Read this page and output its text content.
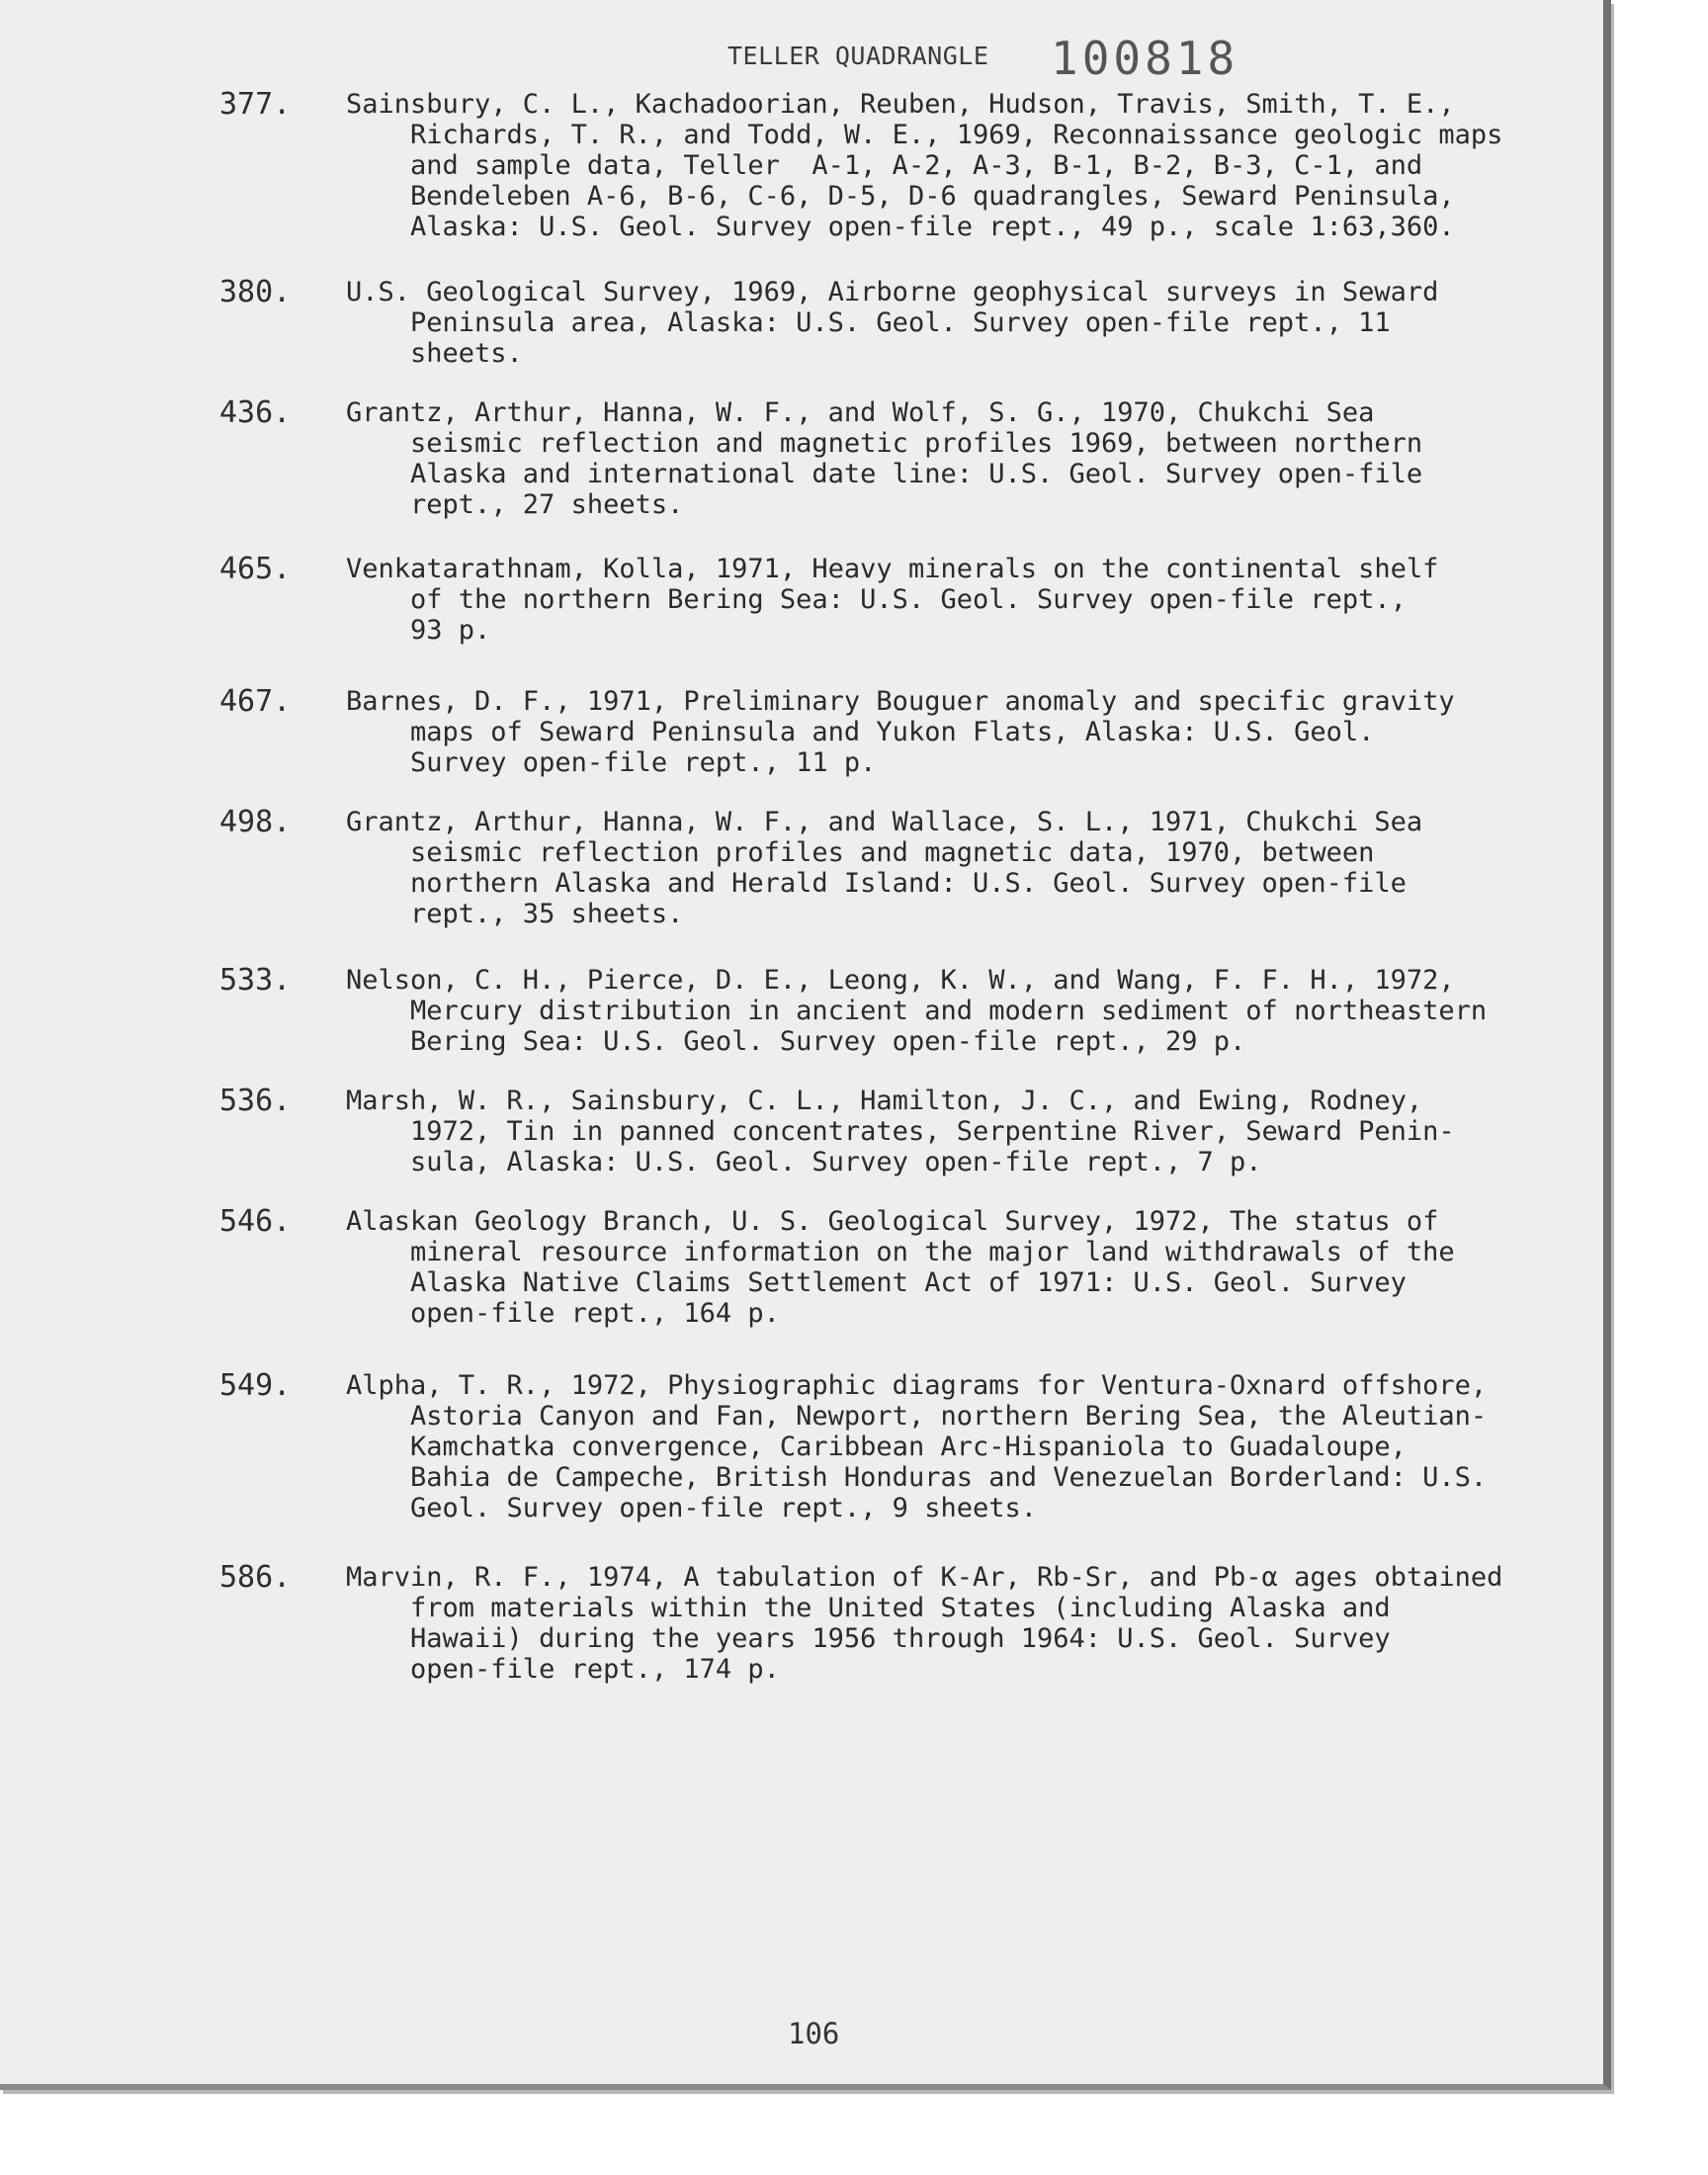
TELLER QUADRANGLE 100818
377. Sainsbury, C. L., Kachadoorian, Reuben, Hudson, Travis, Smith, T. E.,
Richards, T. R., and Todd, W. E., 1969, Reconnaissance geologic maps
and sample data, Teller  A-1, A-2, A-3, B-1, B-2, B-3, C-1, and
Bendeleben A-6, B-6, C-6, D-5, D-6 quadrangles, Seward Peninsula,
Alaska: U.S. Geol. Survey open-file rept., 49 p., scale 1:63,360.
380. U.S. Geological Survey, 1969, Airborne geophysical surveys in Seward
Peninsula area, Alaska: U.S. Geol. Survey open-file rept., 11
sheets.
436. Grantz, Arthur, Hanna, W. F., and Wolf, S. G., 1970, Chukchi Sea
seismic reflection and magnetic profiles 1969, between northern
Alaska and international date line: U.S. Geol. Survey open-file
rept., 27 sheets.
465. Venkatarathnam, Kolla, 1971, Heavy minerals on the continental shelf
of the northern Bering Sea: U.S. Geol. Survey open-file rept.,
93 p.
467. Barnes, D. F., 1971, Preliminary Bouguer anomaly and specific gravity
maps of Seward Peninsula and Yukon Flats, Alaska: U.S. Geol.
Survey open-file rept., 11 p.
498. Grantz, Arthur, Hanna, W. F., and Wallace, S. L., 1971, Chukchi Sea
seismic reflection profiles and magnetic data, 1970, between
northern Alaska and Herald Island: U.S. Geol. Survey open-file
rept., 35 sheets.
533. Nelson, C. H., Pierce, D. E., Leong, K. W., and Wang, F. F. H., 1972,
Mercury distribution in ancient and modern sediment of northeastern
Bering Sea: U.S. Geol. Survey open-file rept., 29 p.
536. Marsh, W. R., Sainsbury, C. L., Hamilton, J. C., and Ewing, Rodney,
1972, Tin in panned concentrates, Serpentine River, Seward Penin-
sula, Alaska: U.S. Geol. Survey open-file rept., 7 p.
546. Alaskan Geology Branch, U. S. Geological Survey, 1972, The status of
mineral resource information on the major land withdrawals of the
Alaska Native Claims Settlement Act of 1971: U.S. Geol. Survey
open-file rept., 164 p.
549. Alpha, T. R., 1972, Physiographic diagrams for Ventura-Oxnard offshore,
Astoria Canyon and Fan, Newport, northern Bering Sea, the Aleutian-
Kamchatka convergence, Caribbean Arc-Hispaniola to Guadaloupe,
Bahia de Campeche, British Honduras and Venezuelan Borderland: U.S.
Geol. Survey open-file rept., 9 sheets.
586. Marvin, R. F., 1974, A tabulation of K-Ar, Rb-Sr, and Pb-α ages obtained
from materials within the United States (including Alaska and
Hawaii) during the years 1956 through 1964: U.S. Geol. Survey
open-file rept., 174 p.
106
